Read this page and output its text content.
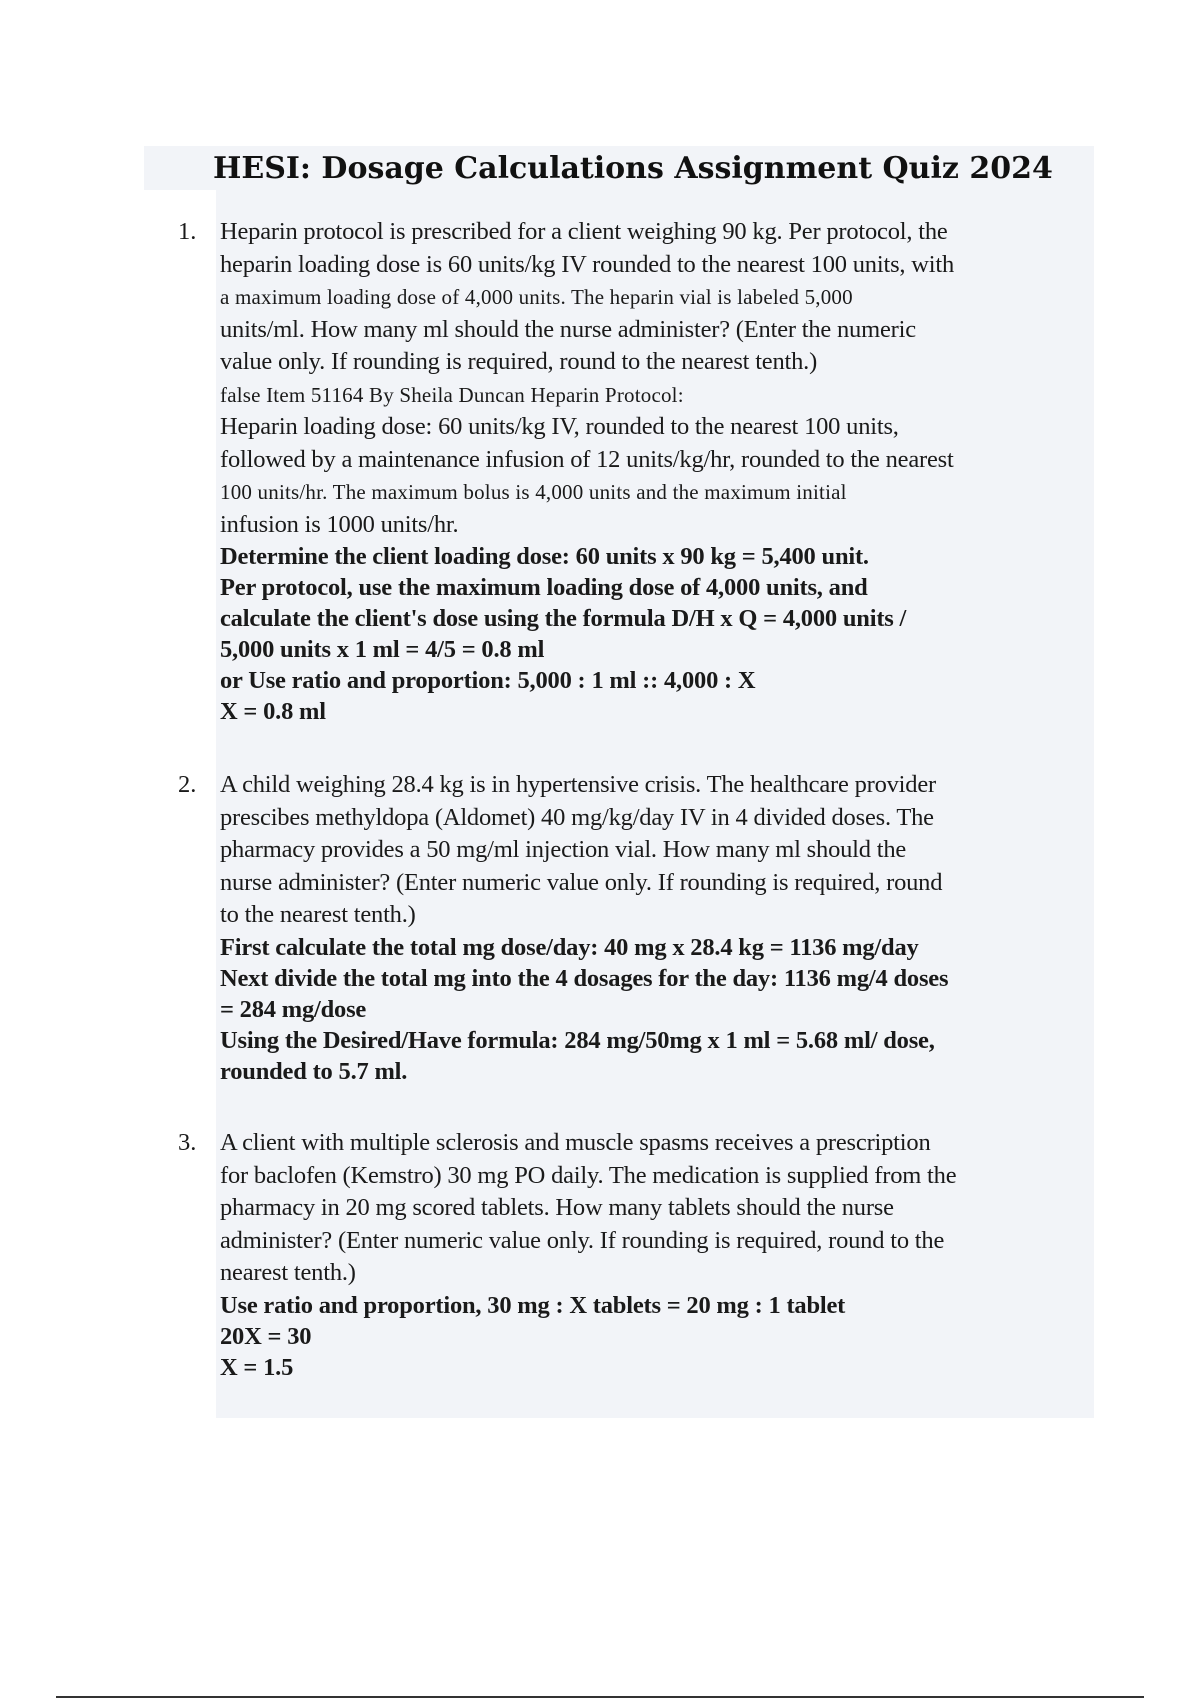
HESI: Dosage Calculations Assignment Quiz 2024
1. Heparin protocol is prescribed for a client weighing 90 kg. Per protocol, the
heparin loading dose is 60 units/kg IV rounded to the nearest 100 units, with
a maximum loading dose of 4,000 units. The heparin vial is labeled 5,000
units/ml. How many ml should the nurse administer? (Enter the numeric
value only. If rounding is required, round to the nearest tenth.)
false Item 51164 By Sheila Duncan Heparin Protocol:
Heparin loading dose: 60 units/kg IV, rounded to the nearest 100 units,
followed by a maintenance infusion of 12 units/kg/hr, rounded to the nearest
100 units/hr. The maximum bolus is 4,000 units and the maximum initial
infusion is 1000 units/hr.
Determine the client loading dose: 60 units x 90 kg = 5,400 unit.
Per protocol, use the maximum loading dose of 4,000 units, and
calculate the client's dose using the formula D/H x Q = 4,000 units /
5,000 units x 1 ml = 4/5 = 0.8 ml
or Use ratio and proportion: 5,000 : 1 ml :: 4,000 : X
X = 0.8 ml
2. A child weighing 28.4 kg is in hypertensive crisis. The healthcare provider
prescibes methyldopa (Aldomet) 40 mg/kg/day IV in 4 divided doses. The
pharmacy provides a 50 mg/ml injection vial. How many ml should the
nurse administer? (Enter numeric value only. If rounding is required, round
to the nearest tenth.)
First calculate the total mg dose/day: 40 mg x 28.4 kg = 1136 mg/day
Next divide the total mg into the 4 dosages for the day: 1136 mg/4 doses
= 284 mg/dose
Using the Desired/Have formula: 284 mg/50mg x 1 ml = 5.68 ml/ dose,
rounded to 5.7 ml.
3. A client with multiple sclerosis and muscle spasms receives a prescription
for baclofen (Kemstro) 30 mg PO daily. The medication is supplied from the
pharmacy in 20 mg scored tablets. How many tablets should the nurse
administer? (Enter numeric value only. If rounding is required, round to the
nearest tenth.)
Use ratio and proportion, 30 mg : X tablets = 20 mg : 1 tablet
20X = 30
X = 1.5
